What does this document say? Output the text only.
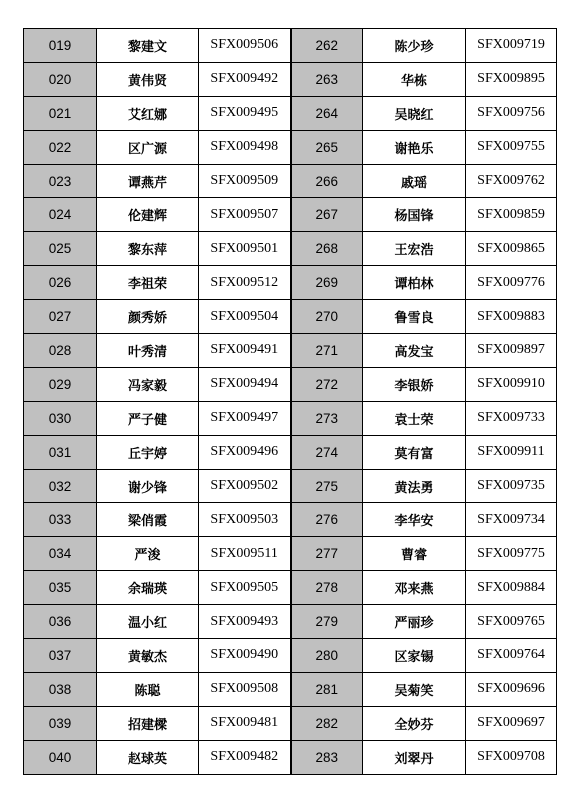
019	黎建文	SFX009506	262	陈少珍	SFX009719
020	黄伟贤	SFX009492	263	华栋	SFX009895
021	艾红娜	SFX009495	264	吴晓红	SFX009756
022	区广源	SFX009498	265	谢艳乐	SFX009755
023	谭燕芹	SFX009509	266	戚瑶	SFX009762
024	伦建辉	SFX009507	267	杨国锋	SFX009859
025	黎东萍	SFX009501	268	王宏浩	SFX009865
026	李祖荣	SFX009512	269	谭柏林	SFX009776
027	颜秀娇	SFX009504	270	鲁雪良	SFX009883
028	叶秀清	SFX009491	271	高发宝	SFX009897
029	冯家毅	SFX009494	272	李银娇	SFX009910
030	严子健	SFX009497	273	袁士荣	SFX009733
031	丘宇婷	SFX009496	274	莫有富	SFX009911
032	谢少锋	SFX009502	275	黄法勇	SFX009735
033	梁俏霞	SFX009503	276	李华安	SFX009734
034	严浚	SFX009511	277	曹睿	SFX009775
035	余瑞瑛	SFX009505	278	邓来燕	SFX009884
036	温小红	SFX009493	279	严丽珍	SFX009765
037	黄敏杰	SFX009490	280	区家锡	SFX009764
038	陈聪	SFX009508	281	吴菊笑	SFX009696
039	招建樑	SFX009481	282	全妙芬	SFX009697
040	赵球英	SFX009482	283	刘翠丹	SFX009708
